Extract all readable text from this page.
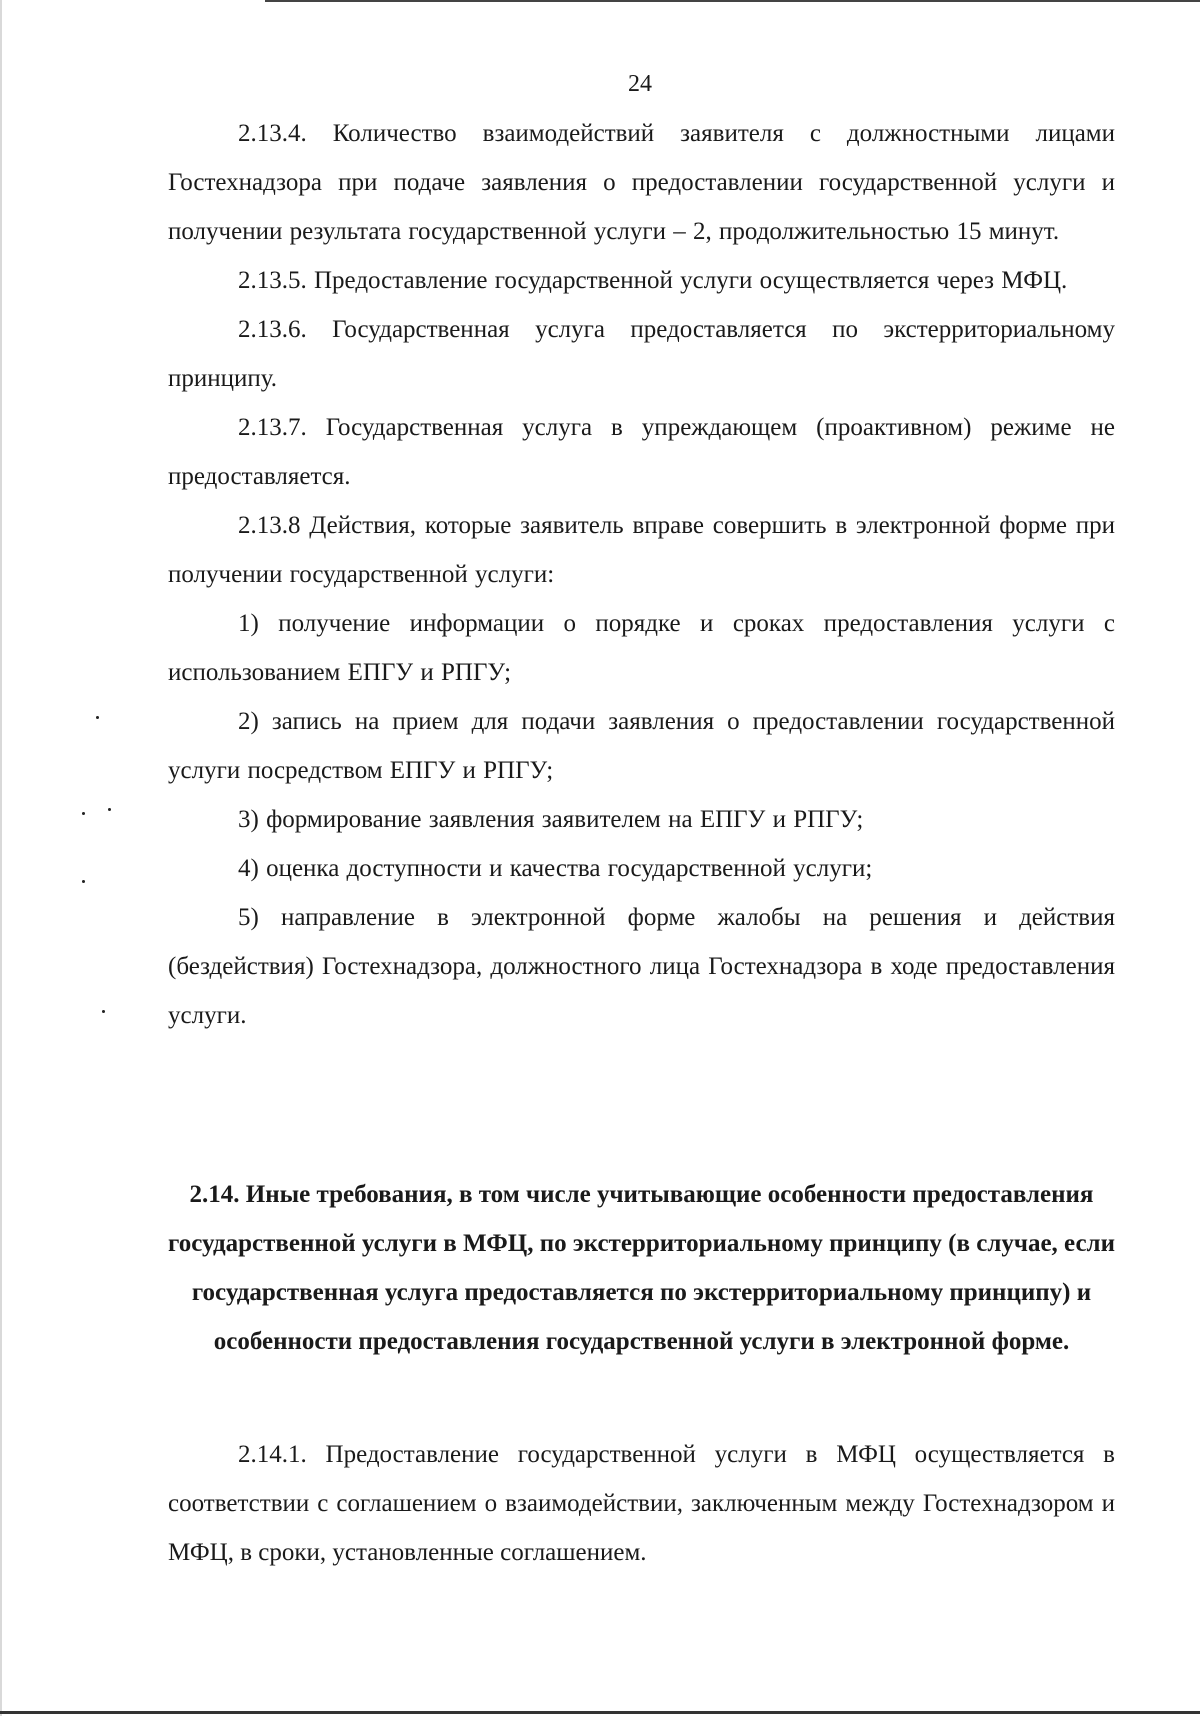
24

2.13.4. Количество взаимодействий заявителя с должностными лицами Гостехнадзора при подаче заявления о предоставлении государственной услуги и получении результата государственной услуги – 2, продолжительностью 15 минут.

2.13.5. Предоставление государственной услуги осуществляется через МФЦ.

2.13.6. Государственная услуга предоставляется по экстерриториальному принципу.

2.13.7. Государственная услуга в упреждающем (проактивном) режиме не предоставляется.

2.13.8 Действия, которые заявитель вправе совершить в электронной форме при получении государственной услуги:

1) получение информации о порядке и сроках предоставления услуги с использованием ЕПГУ и РПГУ;

2) запись на прием для подачи заявления о предоставлении государственной услуги посредством ЕПГУ и РПГУ;

3) формирование заявления заявителем на ЕПГУ и РПГУ;

4) оценка доступности и качества государственной услуги;

5) направление в электронной форме жалобы на решения и действия (бездействия) Гостехнадзора, должностного лица Гостехнадзора в ходе предоставления услуги.

2.14. Иные требования, в том числе учитывающие особенности предоставления государственной услуги в МФЦ, по экстерриториальному принципу (в случае, если государственная услуга предоставляется по экстерриториальному принципу) и особенности предоставления государственной услуги в электронной форме.

2.14.1. Предоставление государственной услуги в МФЦ осуществляется в соответствии с соглашением о взаимодействии, заключенным между Гостехнадзором и МФЦ, в сроки, установленные соглашением.
